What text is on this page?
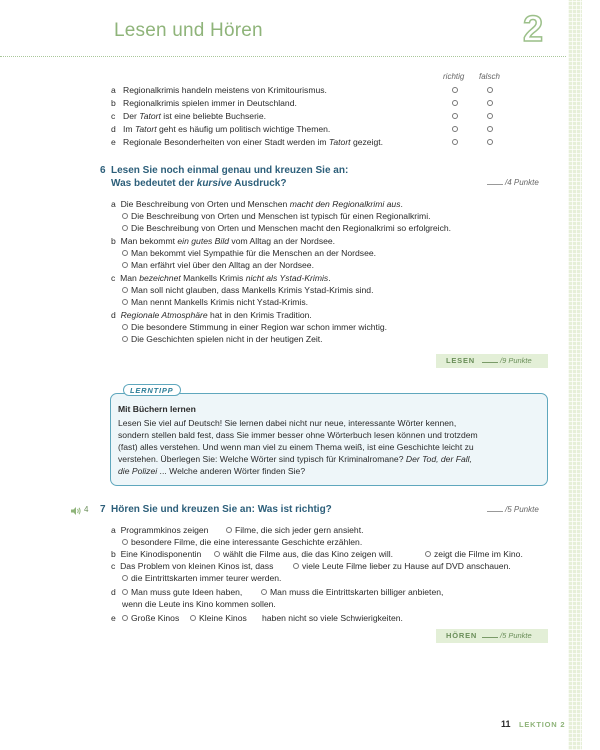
Lesen und Hören	2
richtig falsch
a Regionalkrimis handeln meistens von Krimitourismus.
b Regionalkrimis spielen immer in Deutschland.
c Der Tatort ist eine beliebte Buchserie.
d Im Tatort geht es häufig um politisch wichtige Themen.
e Regionale Besonderheiten von einer Stadt werden im Tatort gezeigt.
6 Lesen Sie noch einmal genau und kreuzen Sie an:
Was bedeutet der kursive Ausdruck?	/4 Punkte
a Die Beschreibung von Orten und Menschen macht den Regionalkrimi aus.
Die Beschreibung von Orten und Menschen ist typisch für einen Regionalkrimi.
Die Beschreibung von Orten und Menschen macht den Regionalkrimi so erfolgreich.
b Man bekommt ein gutes Bild vom Alltag an der Nordsee.
Man bekommt viel Sympathie für die Menschen an der Nordsee.
Man erfährt viel über den Alltag an der Nordsee.
c Man bezeichnet Mankells Krimis nicht als Ystad-Krimis.
Man soll nicht glauben, dass Mankells Krimis Ystad-Krimis sind.
Man nennt Mankells Krimis nicht Ystad-Krimis.
d Regionale Atmosphäre hat in den Krimis Tradition.
Die besondere Stimmung in einer Region war schon immer wichtig.
Die Geschichten spielen nicht in der heutigen Zeit.
LESEN	/9 Punkte
LERNTIPP
Mit Büchern lernen
Lesen Sie viel auf Deutsch! Sie lernen dabei nicht nur neue, interessante Wörter kennen,
sondern stellen bald fest, dass Sie immer besser ohne Wörterbuch lesen können und trotzdem
(fast) alles verstehen. Und wenn man viel zu einem Thema weiß, ist eine Geschichte leicht zu
verstehen. Überlegen Sie: Welche Wörter sind typisch für Kriminalromane? Der Tod, der Fall,
die Polizei ... Welche anderen Wörter finden Sie?
4 7 Hören Sie und kreuzen Sie an: Was ist richtig?	/5 Punkte
a Programmkinos zeigen	Filme, die sich jeder gern ansieht.
besondere Filme, die eine interessante Geschichte erzählen.
b Eine Kinodisponentin	wählt die Filme aus, die das Kino zeigen will.	zeigt die Filme im Kino.
c Das Problem von kleinen Kinos ist, dass	viele Leute Filme lieber zu Hause auf DVD anschauen.
die Eintrittskarten immer teurer werden.
d	Man muss gute Ideen haben,	Man muss die Eintrittskarten billiger anbieten,
wenn die Leute ins Kino kommen sollen.
e	Große Kinos	Kleine Kinos haben nicht so viele Schwierigkeiten.
HÖREN	/5 Punkte
11 LEKTION 2
